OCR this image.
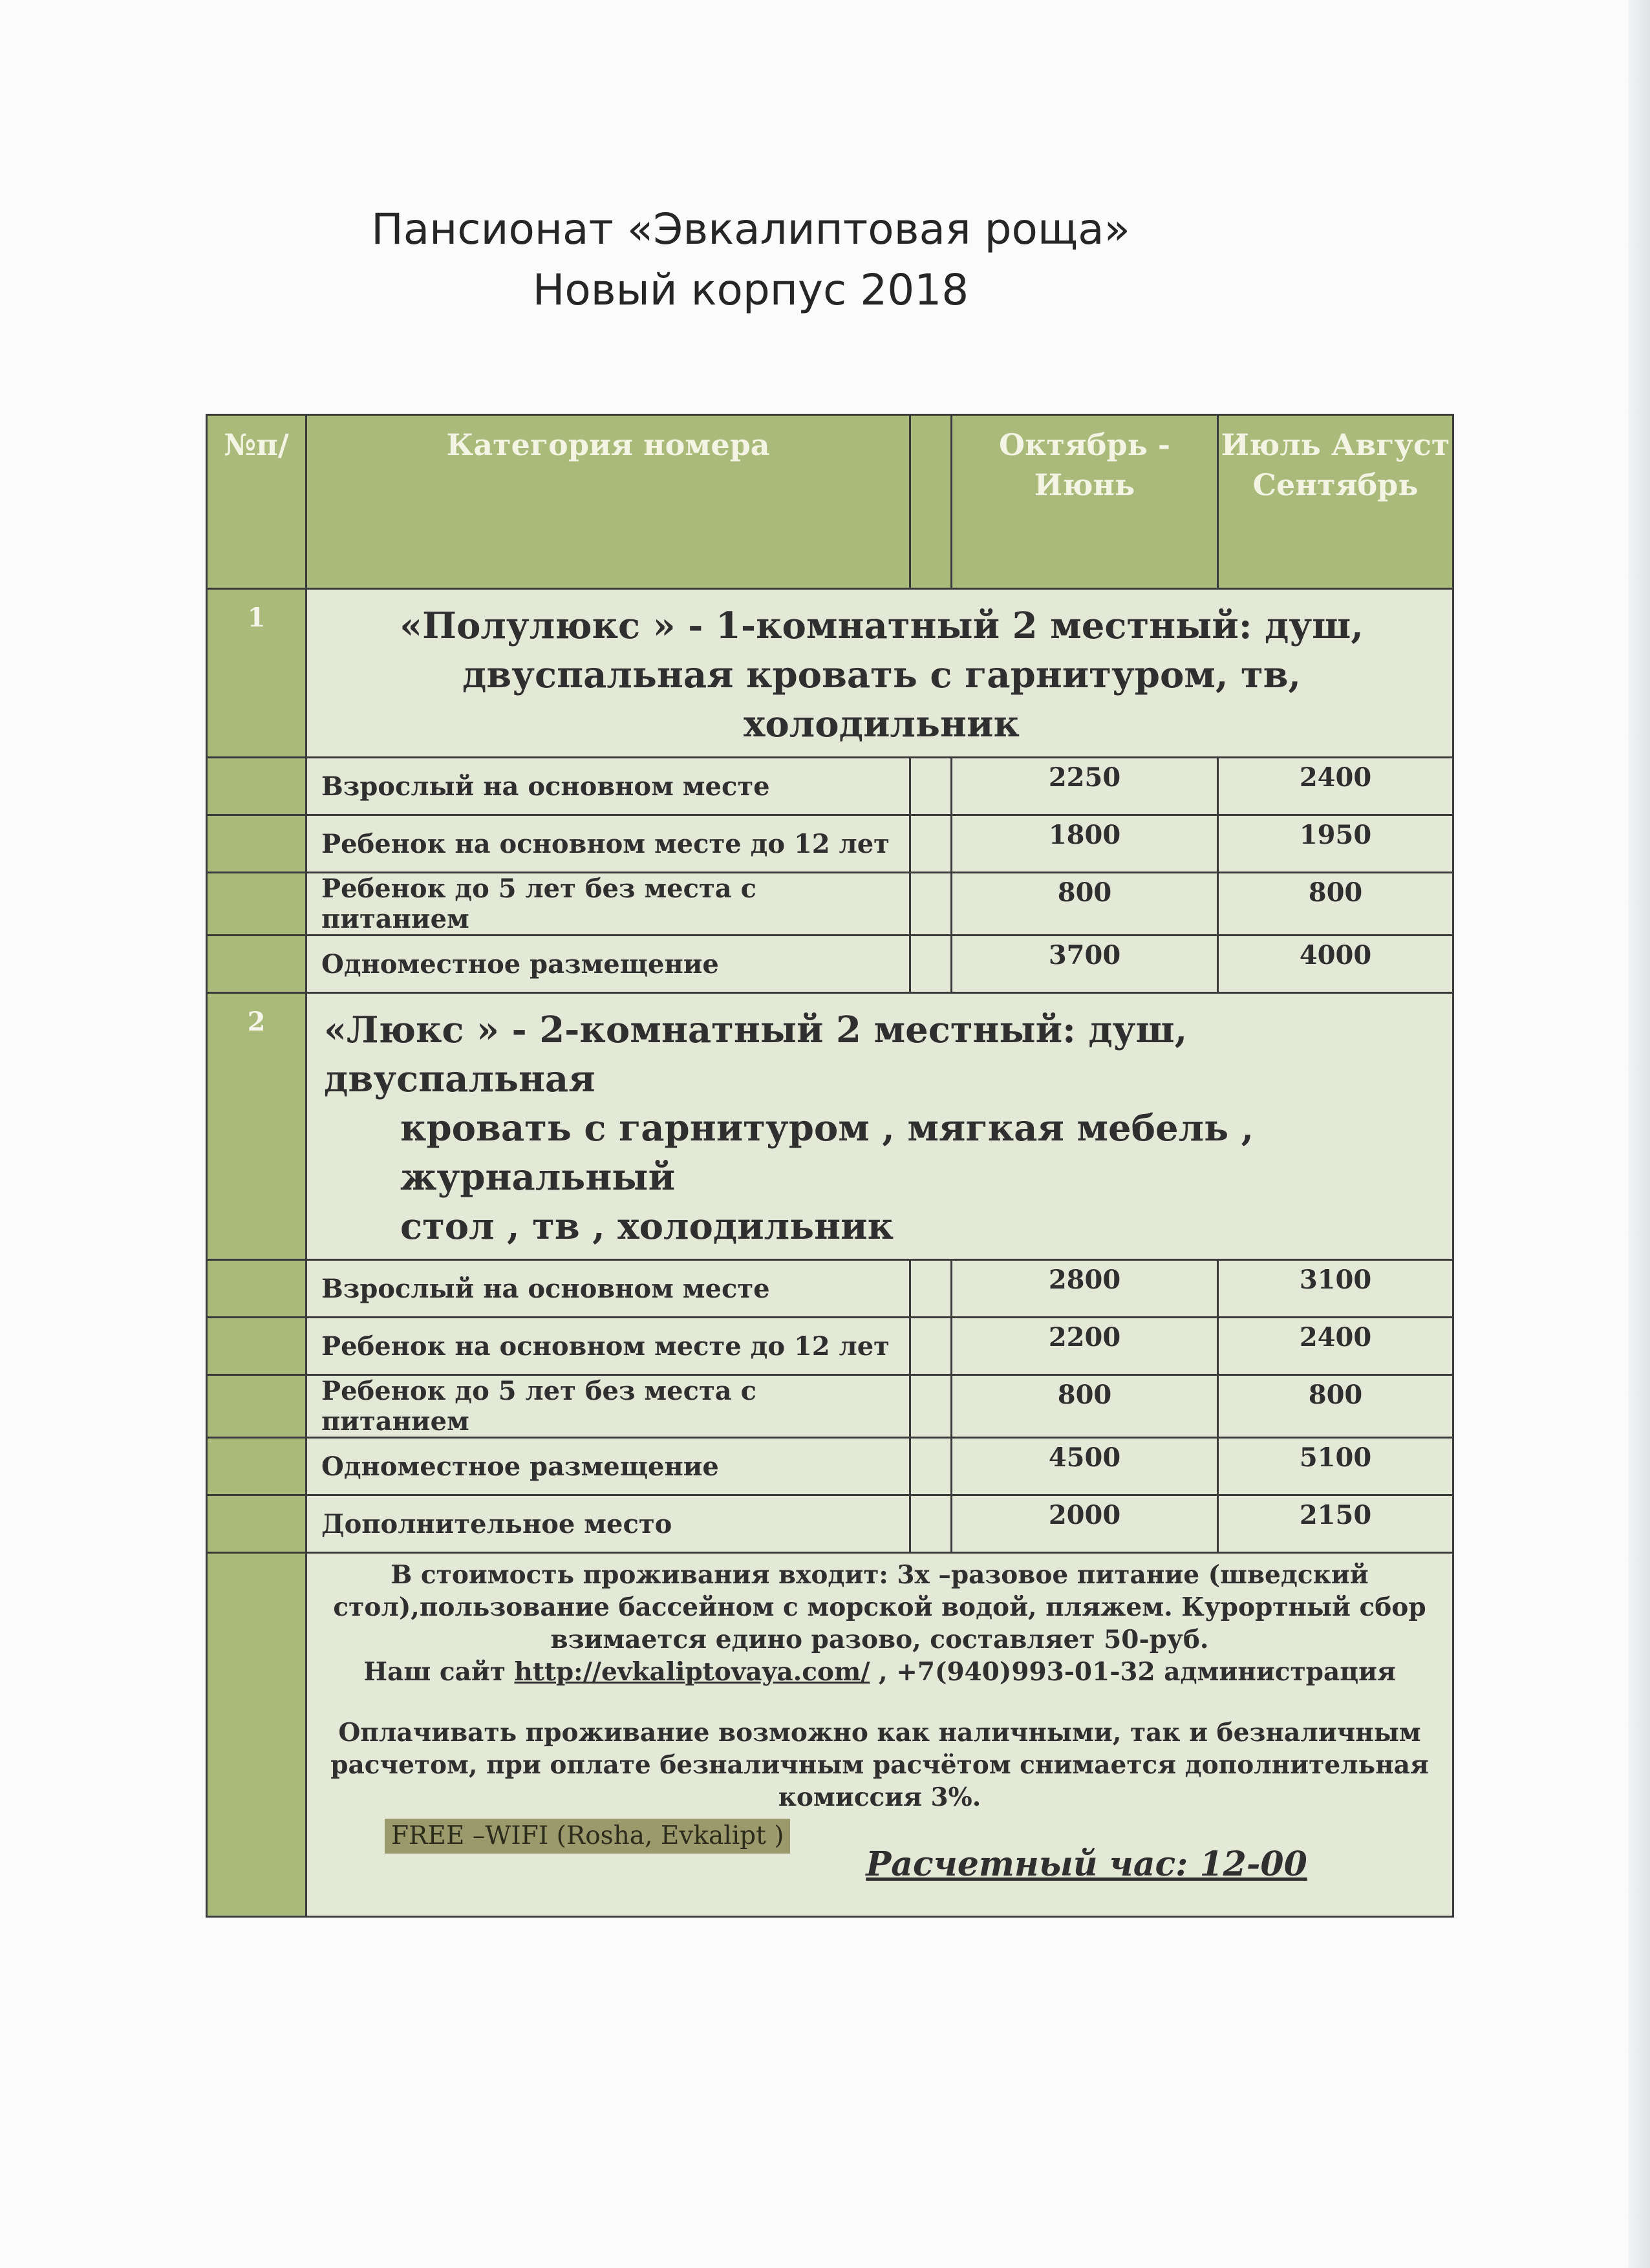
Пансионат «Эвкалиптовая роща»
Новый корпус 2018
№п/	Категория номера		Октябрь - Июнь	Июль Август Сентябрь
1	«Полулюкс » - 1-комнатный 2 местный: душ, двуспальная кровать с гарнитуром, тв, холодильник			
	Взрослый на основном месте		2250	2400
	Ребенок на основном месте до 12 лет		1800	1950
	Ребенок до 5 лет без места с питанием		800	800
	Одноместное размещение		3700	4000
2	«Люкс » - 2-комнатный 2 местный: душ, двуспальная

кровать с гарнитуром , мягкая мебель , журнальный

стол , тв , холодильник			

	Взрослый на основном месте		2800	3100
	Ребенок на основном месте до 12 лет		2200	2400
	Ребенок до 5 лет без места с питанием		800	800
	Одноместное размещение		4500	5100
	Дополнительное место		2000	2150

	В стоимость проживания входит: 3х –разовое питание (шведский стол),пользование бассейном с морской водой, пляжем. Курортный сбор взимается едино разово, составляет 50-руб.

Наш сайт http://evkaliptovaya.com/ , +7(940)993-01-32 администрация

Оплачивать проживание возможно как наличными, так и безналичным расчетом, при оплате безналичным расчётом снимается дополнительная комиссия 3%.

FREE –WIFI (Rosha, Evkalipt )

Расчетный час: 12-00			
